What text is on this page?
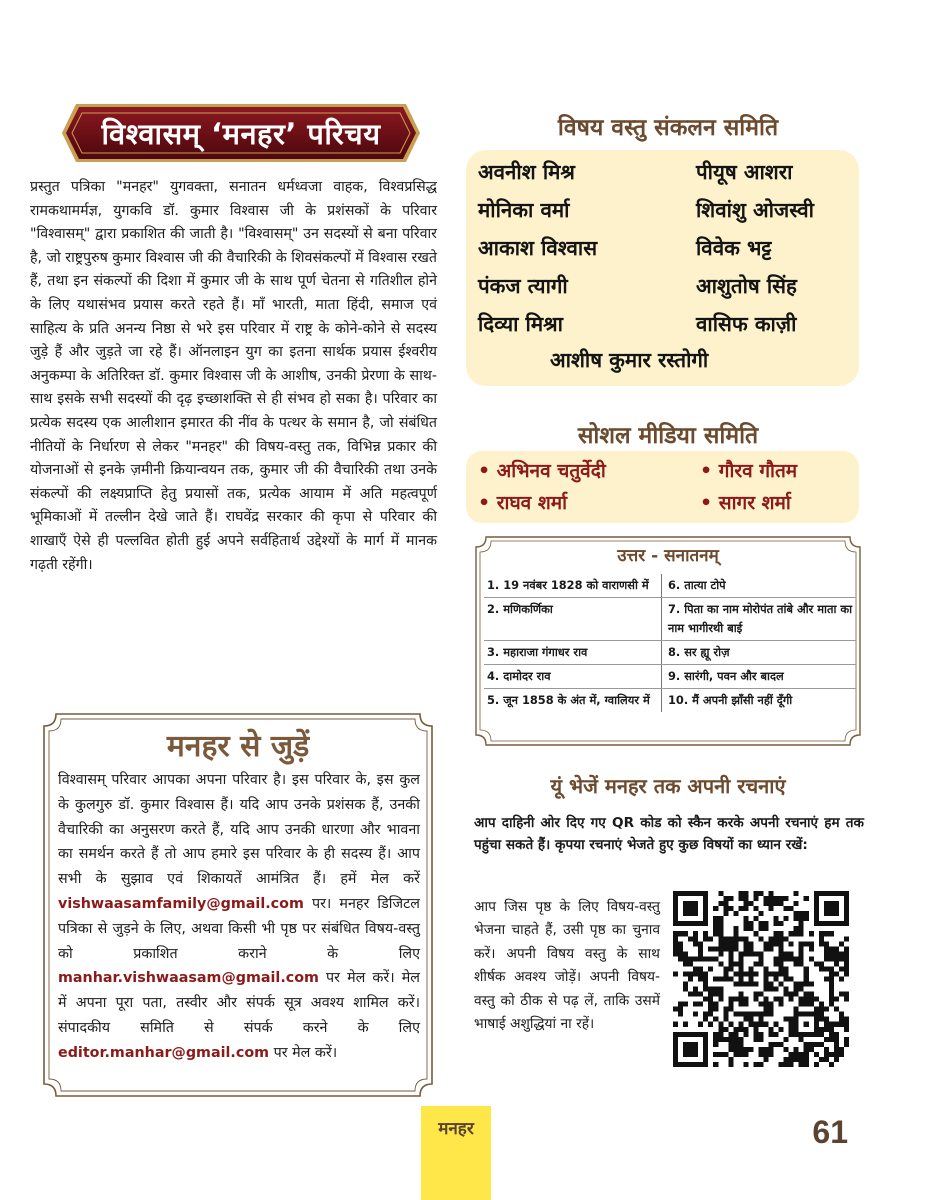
विश्वासम् ‘मनहर’ परिचय
प्रस्तुत पत्रिका "मनहर" युगवक्ता, सनातन धर्मध्वजा वाहक, विश्वप्रसिद्ध रामकथामर्मज्ञ, युगकवि डॉ. कुमार विश्वास जी के प्रशंसकों के परिवार "विश्वासम्" द्वारा प्रकाशित की जाती है। "विश्वासम्" उन सदस्यों से बना परिवार है, जो राष्ट्रपुरुष कुमार विश्वास जी की वैचारिकी के शिवसंकल्पों में विश्वास रखते हैं, तथा इन संकल्पों की दिशा में कुमार जी के साथ पूर्ण चेतना से गतिशील होने के लिए यथासंभव प्रयास करते रहते हैं। माँ भारती, माता हिंदी, समाज एवं साहित्य के प्रति अनन्य निष्ठा से भरे इस परिवार में राष्ट्र के कोने-कोने से सदस्य जुड़े हैं और जुड़ते जा रहे हैं। ऑनलाइन युग का इतना सार्थक प्रयास ईश्वरीय अनुकम्पा के अतिरिक्त डॉ. कुमार विश्वास जी के आशीष, उनकी प्रेरणा के साथ-साथ इसके सभी सदस्यों की दृढ़ इच्छाशक्ति से ही संभव हो सका है। परिवार का प्रत्येक सदस्य एक आलीशान इमारत की नींव के पत्थर के समान है, जो संबंधित नीतियों के निर्धारण से लेकर "मनहर" की विषय-वस्तु तक, विभिन्न प्रकार की योजनाओं से इनके ज़मीनी क्रियान्वयन तक, कुमार जी की वैचारिकी तथा उनके संकल्पों की लक्ष्यप्राप्ति हेतु प्रयासों तक, प्रत्येक आयाम में अति महत्वपूर्ण भूमिकाओं में तल्लीन देखे जाते हैं। राघवेंद्र सरकार की कृपा से परिवार की शाखाएँ ऐसे ही पल्लवित होती हुई अपने सर्वहितार्थ उद्देश्यों के मार्ग में मानक गढ़ती रहेंगी।
मनहर से जुड़ें
विश्वासम् परिवार आपका अपना परिवार है। इस परिवार के, इस कुल के कुलगुरु डॉ. कुमार विश्वास हैं। यदि आप उनके प्रशंसक हैं, उनकी वैचारिकी का अनुसरण करते हैं, यदि आप उनकी धारणा और भावना का समर्थन करते हैं तो आप हमारे इस परिवार के ही सदस्य हैं। आप सभी के सुझाव एवं शिकायतें आमंत्रित हैं। हमें मेल करें vishwaasamfamily@gmail.com पर। मनहर डिजिटल पत्रिका से जुड़ने के लिए, अथवा किसी भी पृष्ठ पर संबंधित विषय-वस्तु को प्रकाशित कराने के लिए manhar.vishwaasam@gmail.com पर मेल करें। मेल में अपना पूरा पता, तस्वीर और संपर्क सूत्र अवश्य शामिल करें। संपादकीय समिति से संपर्क करने के लिए editor.manhar@gmail.com पर मेल करें।
विषय वस्तु संकलन समिति
अवनीश मिश्र	पीयूष आशरा
मोनिका वर्मा	शिवांशु ओजस्वी
आकाश विश्वास	विवेक भट्ट
पंकज त्यागी	आशुतोष सिंह
दिव्या मिश्रा	वासिफ काज़ी
आशीष कुमार रस्तोगी
सोशल मीडिया समिति
• अभिनव चतुर्वेदी	• गौरव गौतम
• राघव शर्मा	• सागर शर्मा
उत्तर - सनातनम्
1. 19 नवंबर 1828 को वाराणसी में	6. तात्या टोपे
2. मणिकर्णिका	7. पिता का नाम मोरोपंत तांबे और माता का नाम भागीरथी बाई
3. महाराजा गंगाधर राव	8. सर ह्यू रोज़
4. दामोदर राव	9. सारंगी, पवन और बादल
5. जून 1858 के अंत में, ग्वालियर में	10. मैं अपनी झाँसी नहीं दूँगी
यूं भेजें मनहर तक अपनी रचनाएं
आप दाहिनी ओर दिए गए QR कोड को स्कैन करके अपनी रचनाएं हम तक पहुंचा सकते हैं। कृपया रचनाएं भेजते हुए कुछ विषयों का ध्यान रखें:
आप जिस पृष्ठ के लिए विषय-वस्तु भेजना चाहते हैं, उसी पृष्ठ का चुनाव करें। अपनी विषय वस्तु के साथ शीर्षक अवश्य जोड़ें। अपनी विषय-वस्तु को ठीक से पढ़ लें, ताकि उसमें भाषाई अशुद्धियां ना रहें।
मनहर	61
